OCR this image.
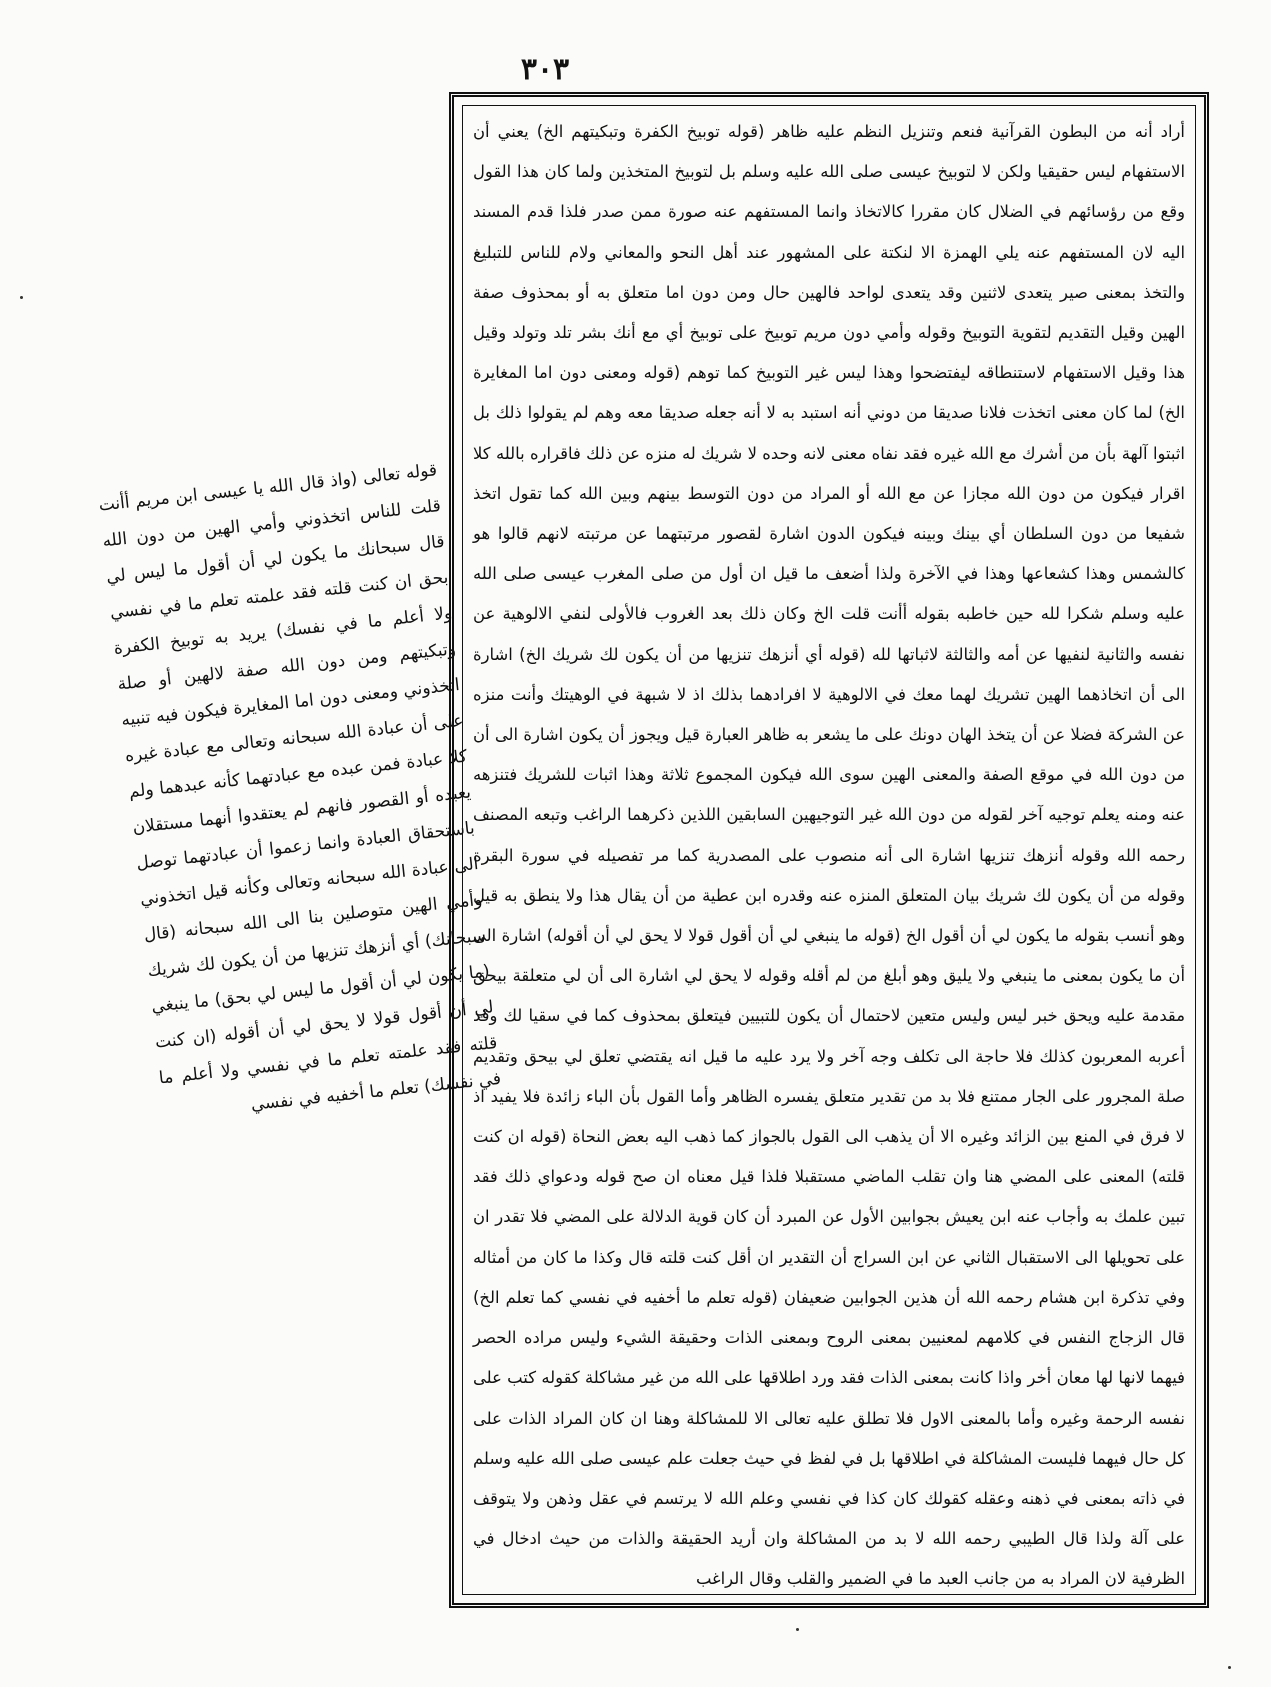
٣٠٣

قوله تعالى (واذ قال الله يا عيسى ابن مريم أأنت قلت للناس اتخذوني وأمي الهين من دون الله قال سبحانك ما يكون لي أن أقول ما ليس لي بحق ان كنت قلته فقد علمته تعلم ما في نفسي ولا أعلم ما في نفسك) يريد به توبيخ الكفرة وتبكيتهم ومن دون الله صفة لالهين أو صلة اتخذوني ومعنى دون اما المغايرة فيكون فيه تنبيه على أن عبادة الله سبحانه وتعالى مع عبادة غيره كلا عبادة فمن عبده مع عبادتهما كأنه عبدهما ولم يعبده أو القصور فانهم لم يعتقدوا أنهما مستقلان باستحقاق العبادة وانما زعموا أن عبادتهما توصل الى عبادة الله سبحانه وتعالى وكأنه قيل اتخذوني وأمي الهين متوصلين بنا الى الله سبحانه (قال سبحانك) أي أنزهك تنزيها من أن يكون لك شريك (ما يكون لي أن أقول ما ليس لي بحق) ما ينبغي لي أن أقول قولا لا يحق لي أن أقوله (ان كنت قلته فقد علمته تعلم ما في نفسي ولا أعلم ما في نفسك) تعلم ما أخفيه في نفسي

أراد أنه من البطون القرآنية فنعم وتنزيل النظم عليه ظاهر (قوله توبيخ الكفرة وتبكيتهم الخ) يعني أن الاستفهام ليس حقيقيا ولكن لا لتوبيخ عيسى صلى الله عليه وسلم بل لتوبيخ المتخذين ولما كان هذا القول وقع من رؤسائهم في الضلال كان مقررا كالاتخاذ وانما المستفهم عنه صورة ممن صدر فلذا قدم المسند اليه لان المستفهم عنه يلي الهمزة الا لنكتة على المشهور عند أهل النحو والمعاني ولام للناس للتبليغ والتخذ بمعنى صير يتعدى لاثنين وقد يتعدى لواحد فالهين حال ومن دون اما متعلق به أو بمحذوف صفة الهين وقيل التقديم لتقوية التوبيخ وقوله وأمي دون مريم توبيخ على توبيخ أي مع أنك بشر تلد وتولد وقيل هذا وقيل الاستفهام لاستنطاقه ليفتضحوا وهذا ليس غير التوبيخ كما توهم (قوله ومعنى دون اما المغايرة الخ) لما كان معنى اتخذت فلانا صديقا من دوني أنه استبد به لا أنه جعله صديقا معه وهم لم يقولوا ذلك بل اثبتوا آلهة بأن من أشرك مع الله غيره فقد نفاه معنى لانه وحده لا شريك له منزه عن ذلك فاقراره بالله كلا اقرار فيكون من دون الله مجازا عن مع الله أو المراد من دون التوسط بينهم وبين الله كما تقول اتخذ شفيعا من دون السلطان أي بينك وبينه فيكون الدون اشارة لقصور مرتبتهما عن مرتبته لانهم قالوا هو كالشمس وهذا كشعاعها وهذا في الآخرة ولذا أضعف ما قيل ان أول من صلى المغرب عيسى صلى الله عليه وسلم شكرا لله حين خاطبه بقوله أأنت قلت الخ وكان ذلك بعد الغروب فالأولى لنفي الالوهية عن نفسه والثانية لنفيها عن أمه والثالثة لاثباتها لله (قوله أي أنزهك تنزيها من أن يكون لك شريك الخ) اشارة الى أن اتخاذهما الهين تشريك لهما معك في الالوهية لا افرادهما بذلك اذ لا شبهة في الوهيتك وأنت منزه عن الشركة فضلا عن أن يتخذ الهان دونك على ما يشعر به ظاهر العبارة قيل ويجوز أن يكون اشارة الى أن من دون الله في موقع الصفة والمعنى الهين سوى الله فيكون المجموع ثلاثة وهذا اثبات للشريك فتنزهه عنه ومنه يعلم توجيه آخر لقوله من دون الله غير التوجيهين السابقين اللذين ذكرهما الراغب وتبعه المصنف رحمه الله وقوله أنزهك تنزيها اشارة الى أنه منصوب على المصدرية كما مر تفصيله في سورة البقرة وقوله من أن يكون لك شريك بيان المتعلق المنزه عنه وقدره ابن عطية من أن يقال هذا ولا ينطق به قيل وهو أنسب بقوله ما يكون لي أن أقول الخ (قوله ما ينبغي لي أن أقول قولا لا يحق لي أن أقوله) اشارة الى أن ما يكون بمعنى ما ينبغي ولا يليق وهو أبلغ من لم أقله وقوله لا يحق لي اشارة الى أن لي متعلقة بيحق مقدمة عليه ويحق خبر ليس وليس متعين لاحتمال أن يكون للتبيين فيتعلق بمحذوف كما في سقيا لك وقد أعربه المعربون كذلك فلا حاجة الى تكلف وجه آخر ولا يرد عليه ما قيل انه يقتضي تعلق لي بيحق وتقديم صلة المجرور على الجار ممتنع فلا بد من تقدير متعلق يفسره الظاهر وأما القول بأن الباء زائدة فلا يفيد اذ لا فرق في المنع بين الزائد وغيره الا أن يذهب الى القول بالجواز كما ذهب اليه بعض النحاة (قوله ان كنت قلته) المعنى على المضي هنا وان تقلب الماضي مستقبلا فلذا قيل معناه ان صح قوله ودعواي ذلك فقد تبين علمك به وأجاب عنه ابن يعيش بجوابين الأول عن المبرد أن كان قوية الدلالة على المضي فلا تقدر ان على تحويلها الى الاستقبال الثاني عن ابن السراج أن التقدير ان أقل كنت قلته قال وكذا ما كان من أمثاله وفي تذكرة ابن هشام رحمه الله أن هذين الجوابين ضعيفان (قوله تعلم ما أخفيه في نفسي كما تعلم الخ) قال الزجاج النفس في كلامهم لمعنيين بمعنى الروح وبمعنى الذات وحقيقة الشيء وليس مراده الحصر فيهما لانها لها معان أخر واذا كانت بمعنى الذات فقد ورد اطلاقها على الله من غير مشاكلة كقوله كتب على نفسه الرحمة وغيره وأما بالمعنى الاول فلا تطلق عليه تعالى الا للمشاكلة وهنا ان كان المراد الذات على كل حال فيهما فليست المشاكلة في اطلاقها بل في لفظ في حيث جعلت علم عيسى صلى الله عليه وسلم في ذاته بمعنى في ذهنه وعقله كقولك كان كذا في نفسي وعلم الله لا يرتسم في عقل وذهن ولا يتوقف على آلة ولذا قال الطيبي رحمه الله لا بد من المشاكلة وان أريد الحقيقة والذات من حيث ادخال في الظرفية لان المراد به من جانب العبد ما في الضمير والقلب وقال الراغب
